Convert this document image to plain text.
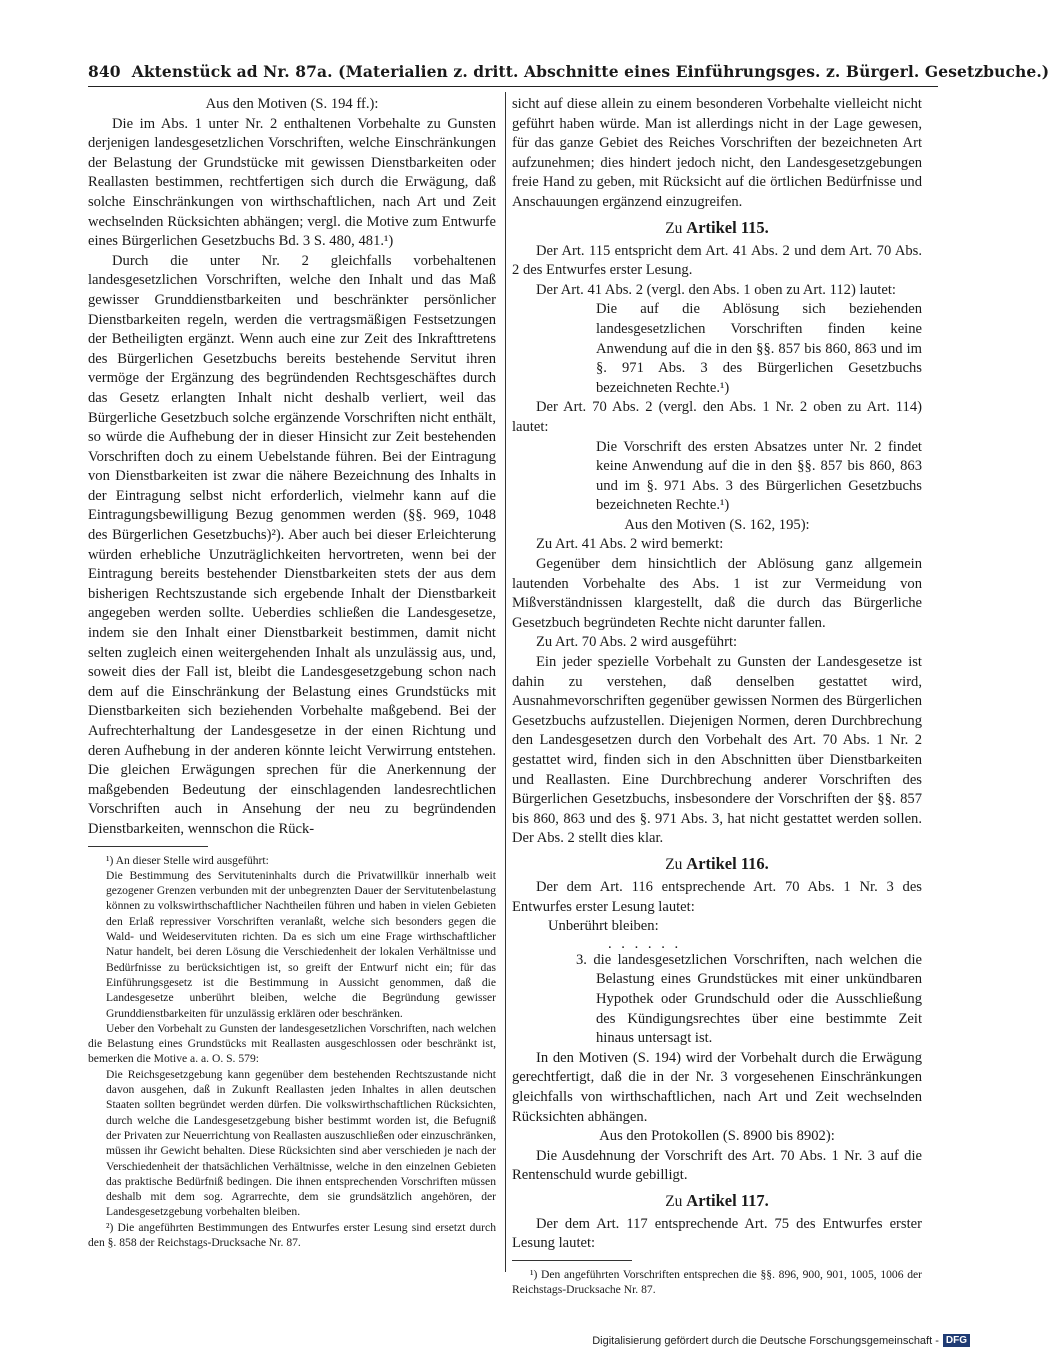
840 Aktenstück ad Nr. 87a. (Materialien z. dritt. Abschnitte eines Einführungsges. z. Bürgerl. Gesetzbuche.)

Aus den Motiven (S. 194 ff.):

Die im Abs. 1 unter Nr. 2 enthaltenen Vorbehalte zu Gunsten derjenigen landesgesetzlichen Vorschriften, welche Einschränkungen der Belastung der Grundstücke mit gewissen Dienstbarkeiten oder Reallasten bestimmen, rechtfertigen sich durch die Erwägung, daß solche Einschränkungen von wirthschaftlichen, nach Art und Zeit wechselnden Rücksichten abhängen; vergl. die Motive zum Entwurfe eines Bürgerlichen Gesetzbuchs Bd. 3 S. 480, 481.¹)

Durch die unter Nr. 2 gleichfalls vorbehaltenen landesgesetzlichen Vorschriften, welche den Inhalt und das Maß gewisser Grunddienstbarkeiten und beschränkter persönlicher Dienstbarkeiten regeln, werden die vertragsmäßigen Festsetzungen der Betheiligten ergänzt. Wenn auch eine zur Zeit des Inkrafttretens des Bürgerlichen Gesetzbuchs bereits bestehende Servitut ihren vermöge der Ergänzung des begründenden Rechtsgeschäftes durch das Gesetz erlangten Inhalt nicht deshalb verliert, weil das Bürgerliche Gesetzbuch solche ergänzende Vorschriften nicht enthält, so würde die Aufhebung der in dieser Hinsicht zur Zeit bestehenden Vorschriften doch zu einem Uebelstande führen. Bei der Eintragung von Dienstbarkeiten ist zwar die nähere Bezeichnung des Inhalts in der Eintragung selbst nicht erforderlich, vielmehr kann auf die Eintragungsbewilligung Bezug genommen werden (§§. 969, 1048 des Bürgerlichen Gesetzbuchs)²). Aber auch bei dieser Erleichterung würden erhebliche Unzuträglichkeiten hervortreten, wenn bei der Eintragung bereits bestehender Dienstbarkeiten stets der aus dem bisherigen Rechtszustande sich ergebende Inhalt der Dienstbarkeit angegeben werden sollte. Ueberdies schließen die Landesgesetze, indem sie den Inhalt einer Dienstbarkeit bestimmen, damit nicht selten zugleich einen weitergehenden Inhalt als unzulässig aus, und, soweit dies der Fall ist, bleibt die Landesgesetzgebung schon nach dem auf die Einschränkung der Belastung eines Grundstücks mit Dienstbarkeiten sich beziehenden Vorbehalte maßgebend. Bei der Aufrechterhaltung der Landesgesetze in der einen Richtung und deren Aufhebung in der anderen könnte leicht Verwirrung entstehen. Die gleichen Erwägungen sprechen für die Anerkennung der maßgebenden Bedeutung der einschlagenden landesrechtlichen Vorschriften auch in Ansehung der neu zu begründenden Dienstbarkeiten, wennschon die Rück-

¹) An dieser Stelle wird ausgeführt:

Die Bestimmung des Servituteninhalts durch die Privatwillkür innerhalb weit gezogener Grenzen verbunden mit der unbegrenzten Dauer der Servitutenbelastung können zu volkswirthschaftlicher Nachtheilen führen und haben in vielen Gebieten den Erlaß repressiver Vorschriften veranlaßt, welche sich besonders gegen die Wald- und Weideservituten richten. Da es sich um eine Frage wirthschaftlicher Natur handelt, bei deren Lösung die Verschiedenheit der lokalen Verhältnisse und Bedürfnisse zu berücksichtigen ist, so greift der Entwurf nicht ein; für das Einführungsgesetz ist die Bestimmung in Aussicht genommen, daß die Landesgesetze unberührt bleiben, welche die Begründung gewisser Grunddienstbarkeiten für unzulässig erklären oder beschränken.

Ueber den Vorbehalt zu Gunsten der landesgesetzlichen Vorschriften, nach welchen die Belastung eines Grundstücks mit Reallasten ausgeschlossen oder beschränkt ist, bemerken die Motive a. a. O. S. 579:

Die Reichsgesetzgebung kann gegenüber dem bestehenden Rechtszustande nicht davon ausgehen, daß in Zukunft Reallasten jeden Inhaltes in allen deutschen Staaten sollten begründet werden dürfen. Die volkswirthschaftlichen Rücksichten, durch welche die Landesgesetzgebung bisher bestimmt worden ist, die Befugniß der Privaten zur Neuerrichtung von Reallasten auszuschließen oder einzuschränken, müssen ihr Gewicht behalten. Diese Rücksichten sind aber verschieden je nach der Verschiedenheit der thatsächlichen Verhältnisse, welche in den einzelnen Gebieten das praktische Bedürfniß bedingen. Die ihnen entsprechenden Vorschriften müssen deshalb mit dem sog. Agrarrechte, dem sie grundsätzlich angehören, der Landesgesetzgebung vorbehalten bleiben.

²) Die angeführten Bestimmungen des Entwurfes erster Lesung sind ersetzt durch den §. 858 der Reichstags-Drucksache Nr. 87.

sicht auf diese allein zu einem besonderen Vorbehalte vielleicht nicht geführt haben würde. Man ist allerdings nicht in der Lage gewesen, für das ganze Gebiet des Reiches Vorschriften der bezeichneten Art aufzunehmen; dies hindert jedoch nicht, den Landesgesetzgebungen freie Hand zu geben, mit Rücksicht auf die örtlichen Bedürfnisse und Anschauungen ergänzend einzugreifen.

Zu Artikel 115.

Der Art. 115 entspricht dem Art. 41 Abs. 2 und dem Art. 70 Abs. 2 des Entwurfes erster Lesung.

Der Art. 41 Abs. 2 (vergl. den Abs. 1 oben zu Art. 112) lautet:

Die auf die Ablösung sich beziehenden landesgesetzlichen Vorschriften finden keine Anwendung auf die in den §§. 857 bis 860, 863 und im §. 971 Abs. 3 des Bürgerlichen Gesetzbuchs bezeichneten Rechte.¹)

Der Art. 70 Abs. 2 (vergl. den Abs. 1 Nr. 2 oben zu Art. 114) lautet:

Die Vorschrift des ersten Absatzes unter Nr. 2 findet keine Anwendung auf die in den §§. 857 bis 860, 863 und im §. 971 Abs. 3 des Bürgerlichen Gesetzbuchs bezeichneten Rechte.¹)

Aus den Motiven (S. 162, 195):

Zu Art. 41 Abs. 2 wird bemerkt:

Gegenüber dem hinsichtlich der Ablösung ganz allgemein lautenden Vorbehalte des Abs. 1 ist zur Vermeidung von Mißverständnissen klargestellt, daß die durch das Bürgerliche Gesetzbuch begründeten Rechte nicht darunter fallen.

Zu Art. 70 Abs. 2 wird ausgeführt:

Ein jeder spezielle Vorbehalt zu Gunsten der Landesgesetze ist dahin zu verstehen, daß denselben gestattet wird, Ausnahmevorschriften gegenüber gewissen Normen des Bürgerlichen Gesetzbuchs aufzustellen. Diejenigen Normen, deren Durchbrechung den Landesgesetzen durch den Vorbehalt des Art. 70 Abs. 1 Nr. 2 gestattet wird, finden sich in den Abschnitten über Dienstbarkeiten und Reallasten. Eine Durchbrechung anderer Vorschriften des Bürgerlichen Gesetzbuchs, insbesondere der Vorschriften der §§. 857 bis 860, 863 und des §. 971 Abs. 3, hat nicht gestattet werden sollen. Der Abs. 2 stellt dies klar.

Zu Artikel 116.

Der dem Art. 116 entsprechende Art. 70 Abs. 1 Nr. 3 des Entwurfes erster Lesung lautet:

Unberührt bleiben:

. . . . . .

3. die landesgesetzlichen Vorschriften, nach welchen die Belastung eines Grundstückes mit einer unkündbaren Hypothek oder Grundschuld oder die Ausschließung des Kündigungsrechtes über eine bestimmte Zeit hinaus untersagt ist.

In den Motiven (S. 194) wird der Vorbehalt durch die Erwägung gerechtfertigt, daß die in der Nr. 3 vorgesehenen Einschränkungen gleichfalls von wirthschaftlichen, nach Art und Zeit wechselnden Rücksichten abhängen.

Aus den Protokollen (S. 8900 bis 8902):

Die Ausdehnung der Vorschrift des Art. 70 Abs. 1 Nr. 3 auf die Rentenschuld wurde gebilligt.

Zu Artikel 117.

Der dem Art. 117 entsprechende Art. 75 des Entwurfes erster Lesung lautet:

¹) Den angeführten Vorschriften entsprechen die §§. 896, 900, 901, 1005, 1006 der Reichstags-Drucksache Nr. 87.

Digitalisierung gefördert durch die Deutsche Forschungsgemeinschaft - DFG
